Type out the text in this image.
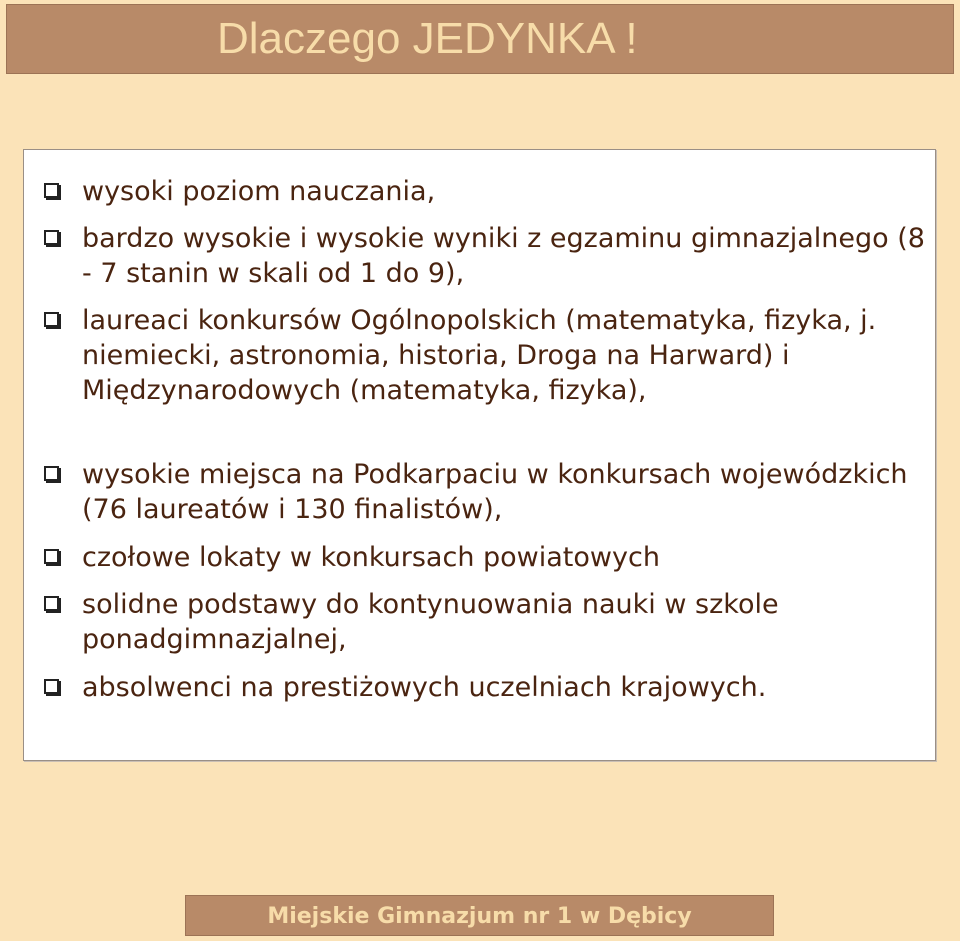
Dlaczego JEDYNKA !

wysoki poziom nauczania,

bardzo wysokie i wysokie wyniki z egzaminu gimnazjalnego (8 - 7 stanin w skali od 1 do 9),

laureaci konkursów Ogólnopolskich (matematyka, fizyka, j. niemiecki, astronomia, historia, Droga na Harward) i Międzynarodowych (matematyka, fizyka),

wysokie miejsca na Podkarpaciu w konkursach wojewódzkich (76 laureatów i 130 finalistów),

czołowe lokaty w konkursach powiatowych

solidne podstawy do kontynuowania nauki w szkole ponadgimnazjalnej,

absolwenci na prestiżowych uczelniach krajowych.

Miejskie Gimnazjum nr 1 w Dębicy
